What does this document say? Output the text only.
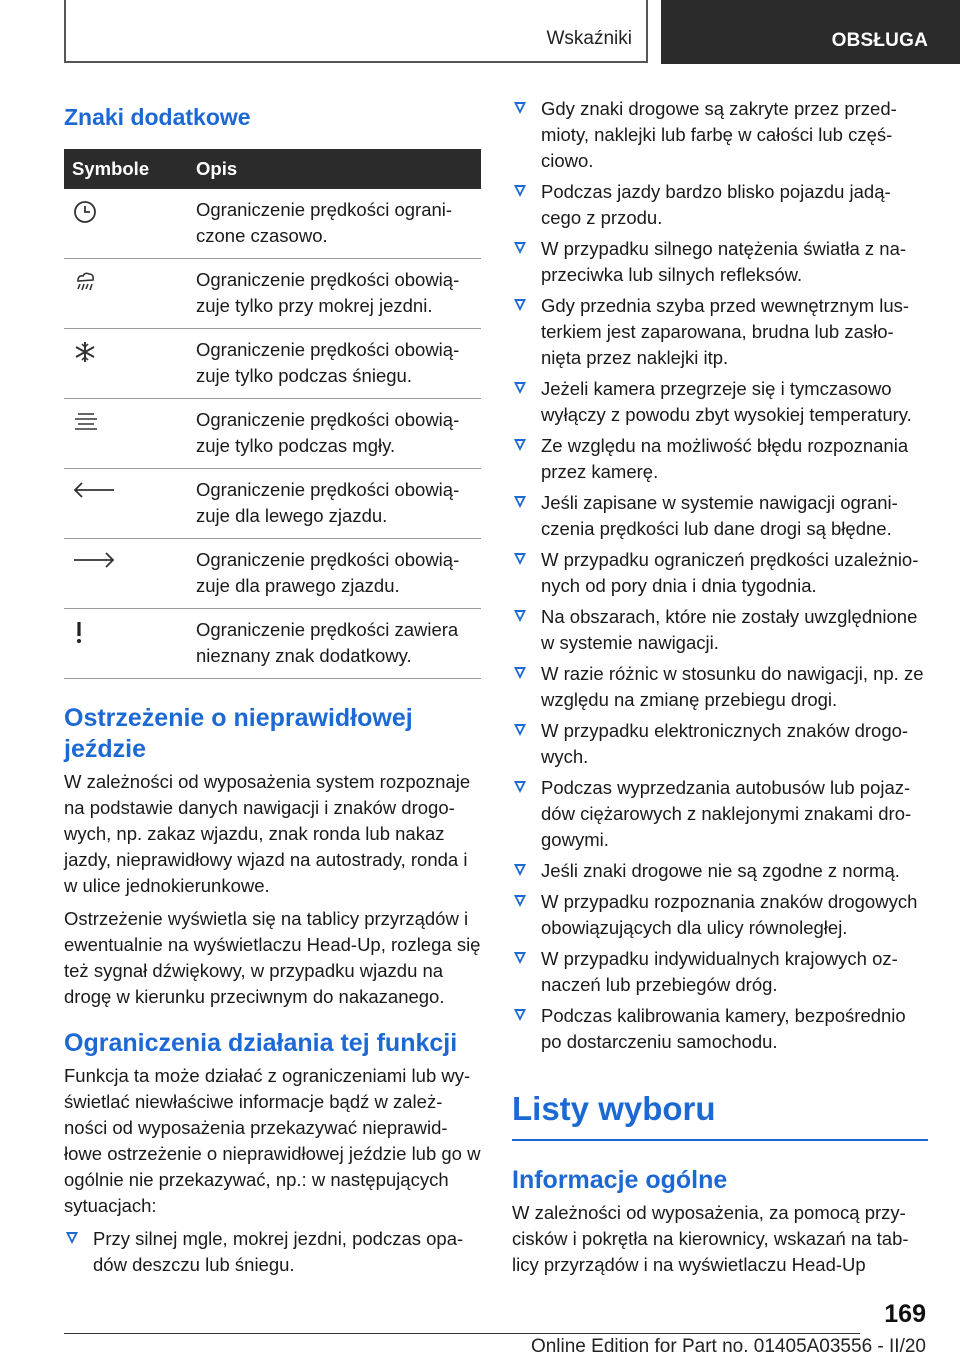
Wskaźniki	OBSŁUGA
Znaki dodatkowe
Symbole	Opis

	Ograniczenie prędkości ograni-czone czasowo.

	Ograniczenie prędkości obowią-zuje tylko przy mokrej jezdni.

	Ograniczenie prędkości obowią-zuje tylko podczas śniegu.

	Ograniczenie prędkości obowią-zuje tylko podczas mgły.

	Ograniczenie prędkości obowią-zuje dla lewego zjazdu.

	Ograniczenie prędkości obowią-zuje dla prawego zjazdu.

	Ograniczenie prędkości zawiera nieznany znak dodatkowy.
Ostrzeżenie o nieprawidłowej jeździe

W zależności od wyposażenia system rozpoznaje na podstawie danych nawigacji i znaków drogo-wych, np. zakaz wjazdu, znak ronda lub nakaz jazdy, nieprawidłowy wjazd na autostrady, ronda i w ulice jednokierunkowe.

Ostrzeżenie wyświetla się na tablicy przyrządów i ewentualnie na wyświetlaczu Head-Up, rozlega się też sygnał dźwiękowy, w przypadku wjazdu na drogę w kierunku przeciwnym do nakazanego.

Ograniczenia działania tej funkcji

Funkcja ta może działać z ograniczeniami lub wy-świetlać niewłaściwe informacje bądź w zależ-ności od wyposażenia przekazywać nieprawid-łowe ostrzeżenie o nieprawidłowej jeździe lub go w ogólnie nie przekazywać, np.: w następujących sytuacjach:

Przy silnej mgle, mokrej jezdni, podczas opa-dów deszczu lub śniegu.
Gdy znaki drogowe są zakryte przez przed-mioty, naklejki lub farbę w całości lub częś-ciowo.
Podczas jazdy bardzo blisko pojazdu jadą-cego z przodu.
W przypadku silnego natężenia światła z na-przeciwka lub silnych refleksów.
Gdy przednia szyba przed wewnętrznym lus-terkiem jest zaparowana, brudna lub zasło-nięta przez naklejki itp.
Jeżeli kamera przegrzeje się i tymczasowo wyłączy z powodu zbyt wysokiej temperatury.
Ze względu na możliwość błędu rozpoznania przez kamerę.
Jeśli zapisane w systemie nawigacji ograni-czenia prędkości lub dane drogi są błędne.
W przypadku ograniczeń prędkości uzależnio-nych od pory dnia i dnia tygodnia.
Na obszarach, które nie zostały uwzględnione w systemie nawigacji.
W razie różnic w stosunku do nawigacji, np. ze względu na zmianę przebiegu drogi.
W przypadku elektronicznych znaków drogo-wych.
Podczas wyprzedzania autobusów lub pojaz-dów ciężarowych z naklejonymi znakami dro-gowymi.
Jeśli znaki drogowe nie są zgodne z normą.
W przypadku rozpoznania znaków drogowych obowiązujących dla ulicy równoległej.
W przypadku indywidualnych krajowych oz-naczeń lub przebiegów dróg.
Podczas kalibrowania kamery, bezpośrednio po dostarczeniu samochodu.
Listy wyboru
Informacje ogólne

W zależności od wyposażenia, za pomocą przy-cisków i pokrętła na kierownicy, wskazań na tab-licy przyrządów i na wyświetlaczu Head-Up

169
Online Edition for Part no. 01405A03556 - II/20
